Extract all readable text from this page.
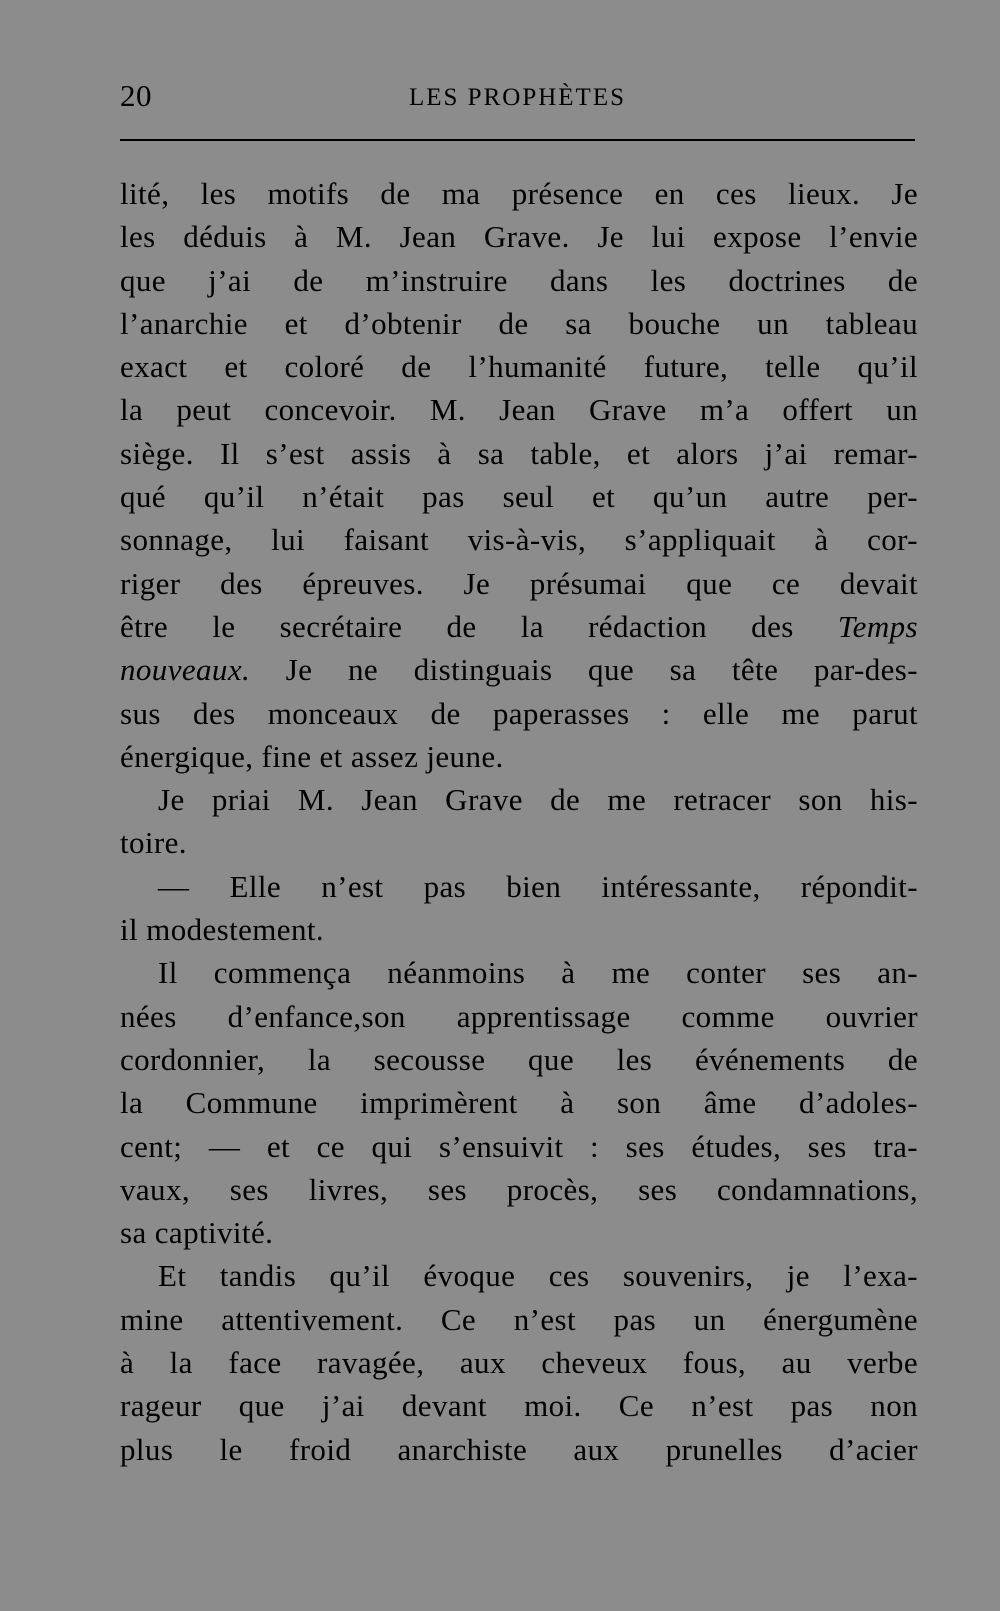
20	LES PROPHÈTES
lité, les motifs de ma présence en ces lieux. Je
les déduis à M. Jean Grave. Je lui expose l’envie
que j’ai de m’instruire dans les doctrines de
l’anarchie et d’obtenir de sa bouche un tableau
exact et coloré de l’humanité future, telle qu’il
la peut concevoir. M. Jean Grave m’a offert un
siège. Il s’est assis à sa table, et alors j’ai remar-
qué qu’il n’était pas seul et qu’un autre per-
sonnage, lui faisant vis-à-vis, s’appliquait à cor-
riger des épreuves. Je présumai que ce devait
être le secrétaire de la rédaction des Temps
nouveaux. Je ne distinguais que sa tête par-des-
sus des monceaux de paperasses : elle me parut
énergique, fine et assez jeune.
Je priai M. Jean Grave de me retracer son his-
toire.
— Elle n’est pas bien intéressante, répondit-
il modestement.
Il commença néanmoins à me conter ses an-
nées d’enfance,son apprentissage comme ouvrier
cordonnier, la secousse que les événements de
la Commune imprimèrent à son âme d’adoles-
cent; — et ce qui s’ensuivit : ses études, ses tra-
vaux, ses livres, ses procès, ses condamnations,
sa captivité.
Et tandis qu’il évoque ces souvenirs, je l’exa-
mine attentivement. Ce n’est pas un énergumène
à la face ravagée, aux cheveux fous, au verbe
rageur que j’ai devant moi. Ce n’est pas non
plus le froid anarchiste aux prunelles d’acier
